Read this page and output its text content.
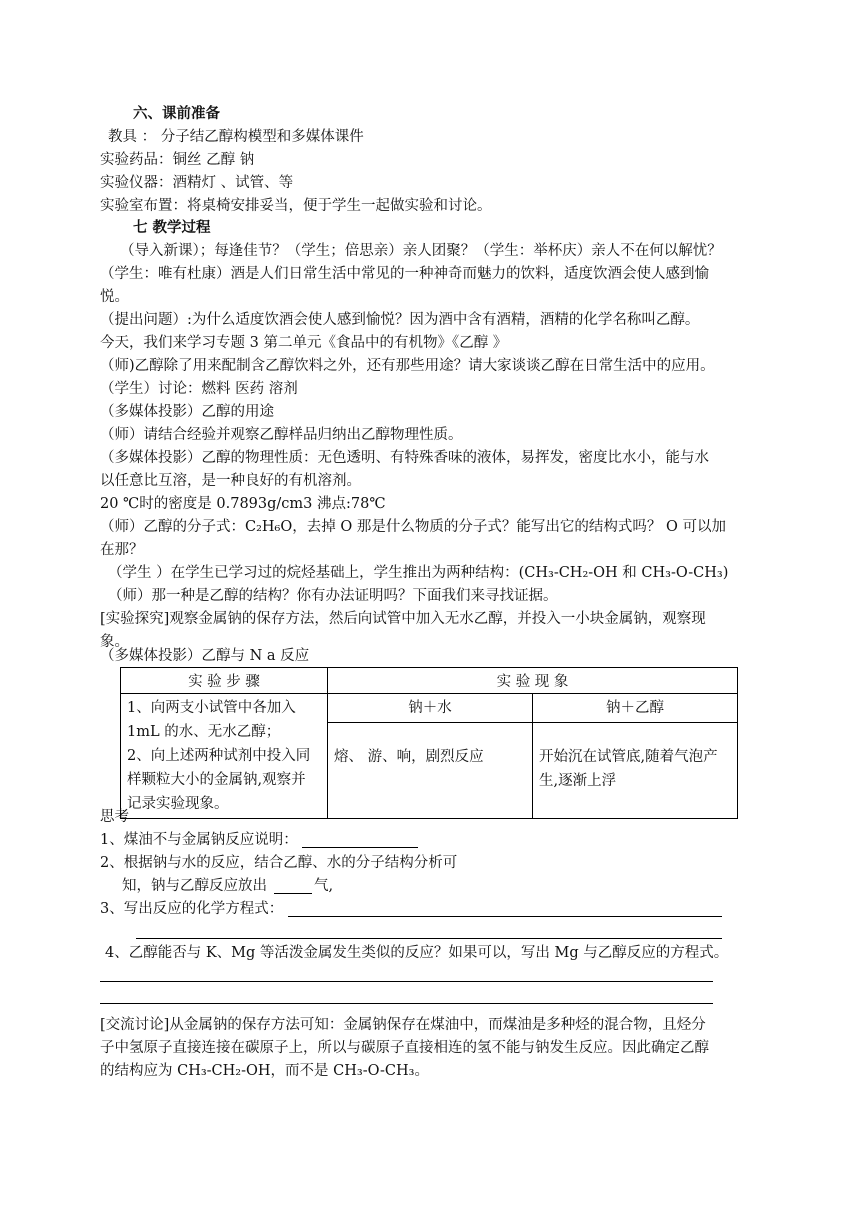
六、课前准备
教具 ： 分子结乙醇构模型和多媒体课件
实验药品：铜丝 乙醇 钠
实验仪器：酒精灯 、试管、等
实验室布置：将桌椅安排妥当，便于学生一起做实验和讨论。
七 教学过程
（导入新课）；每逢佳节？（学生；倍思亲）亲人团聚？（学生：举杯庆）亲人不在何以解忧？
（学生：唯有杜康）酒是人们日常生活中常见的一种神奇而魅力的饮料，适度饮酒会使人感到愉
悦。
（提出问题）:为什么适度饮酒会使人感到愉悦？因为酒中含有酒精，酒精的化学名称叫乙醇。
今天，我们来学习专题 3 第二单元《食品中的有机物》《乙醇 》
（师)乙醇除了用来配制含乙醇饮料之外，还有那些用途？请大家谈谈乙醇在日常生活中的应用。
（学生）讨论：燃料 医药 溶剂
（多媒体投影）乙醇的用途
（师）请结合经验并观察乙醇样品归纳出乙醇物理性质。
（多媒体投影）乙醇的物理性质：无色透明、有特殊香味的液体，易挥发，密度比水小，能与水
以任意比互溶，是一种良好的有机溶剂。
20 ℃时的密度是 0.7893g/cm3 沸点:78℃
（师）乙醇的分子式：C₂H₆O，去掉 O 那是什么物质的分子式？能写出它的结构式吗？ O 可以加
在那？
（学生 ）在学生已学习过的烷烃基础上，学生推出为两种结构：(CH₃-CH₂-OH 和 CH₃-O-CH₃)
（师）那一种是乙醇的结构？你有办法证明吗？下面我们来寻找证据。
[实验探究]观察金属钠的保存方法，然后向试管中加入无水乙醇，并投入一小块金属钠，观察现
象。
（多媒体投影）乙醇与 N a 反应
实 验 步 骤	实 验 现 象	

1、向两支小试管中各加入
1mL 的水、无水乙醇；
2、向上述两种试剂中投入同
样颗粒大小的金属钠,观察并
记录实验现象。	钠＋水	钠＋乙醇
	熔、 游、响，剧烈反应	开始沉在试管底,随着气泡产
生,逐渐上浮
思考
1、煤油不与金属钠反应说明：
2、根据钠与水的反应，结合乙醇、水的分子结构分析可
知，钠与乙醇反应放出	气,
3、写出反应的化学方程式：
4、乙醇能否与 K、Mg 等活泼金属发生类似的反应？如果可以，写出 Mg 与乙醇反应的方程式。
[交流讨论]从金属钠的保存方法可知：金属钠保存在煤油中，而煤油是多种烃的混合物，且烃分
子中氢原子直接连接在碳原子上，所以与碳原子直接相连的氢不能与钠发生反应。因此确定乙醇
的结构应为 CH₃-CH₂-OH，而不是 CH₃-O-CH₃。
